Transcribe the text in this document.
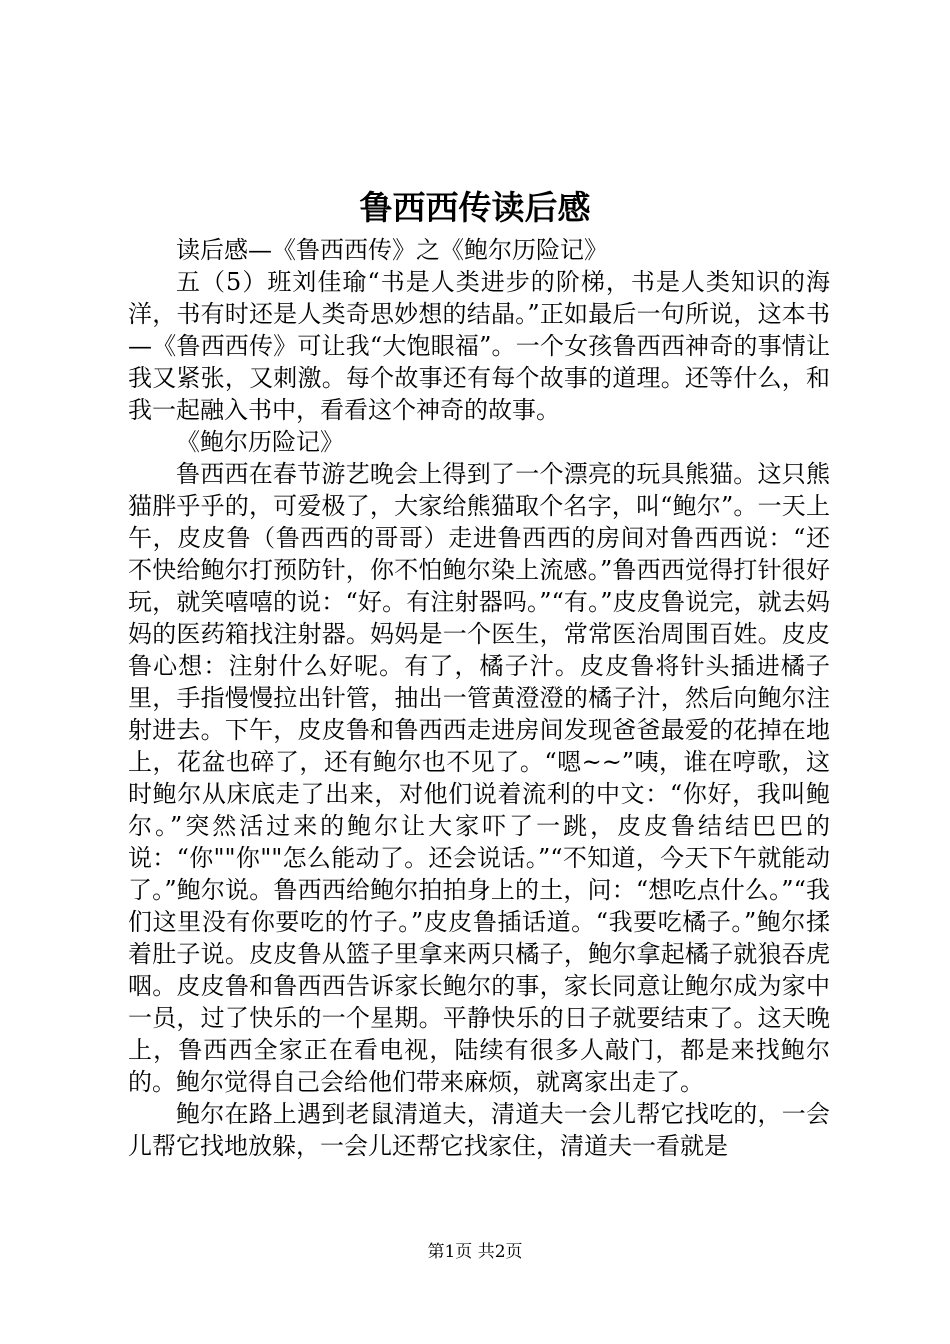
鲁西西传读后感

读后感—《鲁西西传》之《鲍尔历险记》

五（5）班刘佳瑜“书是人类进步的阶梯，书是人类知识的海洋，书有时还是人类奇思妙想的结晶。”正如最后一句所说，这本书—《鲁西西传》可让我“大饱眼福”。一个女孩鲁西西神奇的事情让我又紧张，又刺激。每个故事还有每个故事的道理。还等什么，和我一起融入书中，看看这个神奇的故事。

《鲍尔历险记》

鲁西西在春节游艺晚会上得到了一个漂亮的玩具熊猫。这只熊猫胖乎乎的，可爱极了，大家给熊猫取个名字，叫“鲍尔”。一天上午，皮皮鲁（鲁西西的哥哥）走进鲁西西的房间对鲁西西说：“还不快给鲍尔打预防针，你不怕鲍尔染上流感。”鲁西西觉得打针很好玩，就笑嘻嘻的说：“好。有注射器吗。”“有。”皮皮鲁说完，就去妈妈的医药箱找注射器。妈妈是一个医生，常常医治周围百姓。皮皮鲁心想：注射什么好呢。有了，橘子汁。皮皮鲁将针头插进橘子里，手指慢慢拉出针管，抽出一管黄澄澄的橘子汁，然后向鲍尔注射进去。下午，皮皮鲁和鲁西西走进房间发现爸爸最爱的花掉在地上，花盆也碎了，还有鲍尔也不见了。“嗯~~”咦，谁在哼歌，这时鲍尔从床底走了出来，对他们说着流利的中文：“你好，我叫鲍尔。”突然活过来的鲍尔让大家吓了一跳，皮皮鲁结结巴巴的说：“你""你""怎么能动了。还会说话。”“不知道，今天下午就能动了。”鲍尔说。鲁西西给鲍尔拍拍身上的土，问：“想吃点什么。”“我们这里没有你要吃的竹子。”皮皮鲁插话道。“我要吃橘子。”鲍尔揉着肚子说。皮皮鲁从篮子里拿来两只橘子，鲍尔拿起橘子就狼吞虎咽。皮皮鲁和鲁西西告诉家长鲍尔的事，家长同意让鲍尔成为家中一员，过了快乐的一个星期。平静快乐的日子就要结束了。这天晚上，鲁西西全家正在看电视，陆续有很多人敲门，都是来找鲍尔的。鲍尔觉得自己会给他们带来麻烦，就离家出走了。

鲍尔在路上遇到老鼠清道夫，清道夫一会儿帮它找吃的，一会儿帮它找地放躲，一会儿还帮它找家住，清道夫一看就是

第1页 共2页
